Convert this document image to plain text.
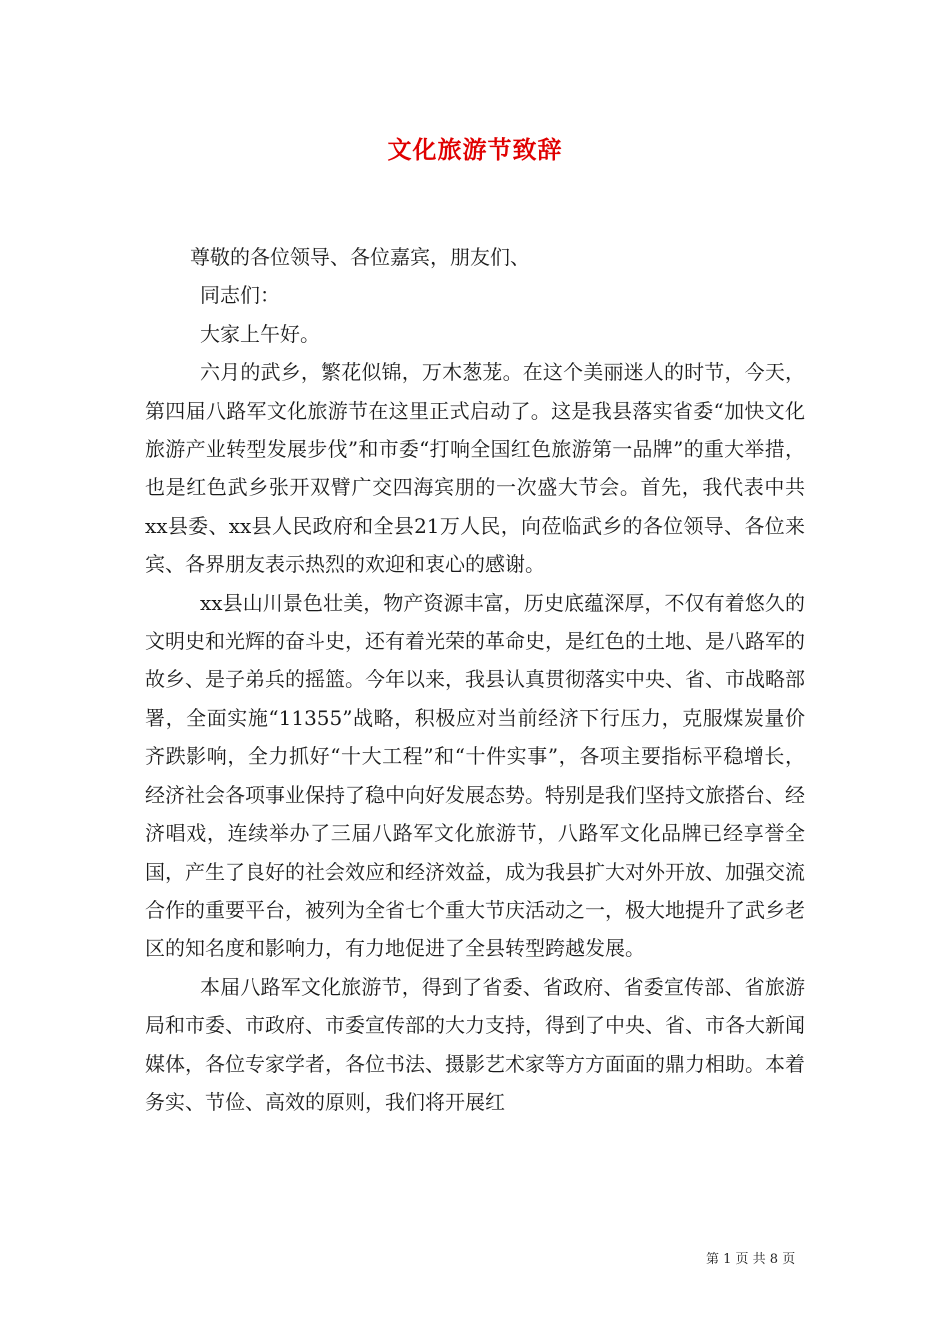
文化旅游节致辞

尊敬的各位领导、各位嘉宾，朋友们、

同志们：

大家上午好。

六月的武乡，繁花似锦，万木葱茏。在这个美丽迷人的时节，今天，第四届八路军文化旅游节在这里正式启动了。这是我县落实省委“加快文化旅游产业转型发展步伐”和市委“打响全国红色旅游第一品牌”的重大举措，也是红色武乡张开双臂广交四海宾朋的一次盛大节会。首先，我代表中共xx县委、xx县人民政府和全县21万人民，向莅临武乡的各位领导、各位来宾、各界朋友表示热烈的欢迎和衷心的感谢。

xx县山川景色壮美，物产资源丰富，历史底蕴深厚，不仅有着悠久的文明史和光辉的奋斗史，还有着光荣的革命史，是红色的土地、是八路军的故乡、是子弟兵的摇篮。今年以来，我县认真贯彻落实中央、省、市战略部署，全面实施“11355”战略，积极应对当前经济下行压力，克服煤炭量价齐跌影响，全力抓好“十大工程”和“十件实事”，各项主要指标平稳增长，经济社会各项事业保持了稳中向好发展态势。特别是我们坚持文旅搭台、经济唱戏，连续举办了三届八路军文化旅游节，八路军文化品牌已经享誉全国，产生了良好的社会效应和经济效益，成为我县扩大对外开放、加强交流合作的重要平台，被列为全省七个重大节庆活动之一，极大地提升了武乡老区的知名度和影响力，有力地促进了全县转型跨越发展。

本届八路军文化旅游节，得到了省委、省政府、省委宣传部、省旅游局和市委、市政府、市委宣传部的大力支持，得到了中央、省、市各大新闻媒体，各位专家学者，各位书法、摄影艺术家等方方面面的鼎力相助。本着务实、节俭、高效的原则，我们将开展红

第 1 页 共 8 页
